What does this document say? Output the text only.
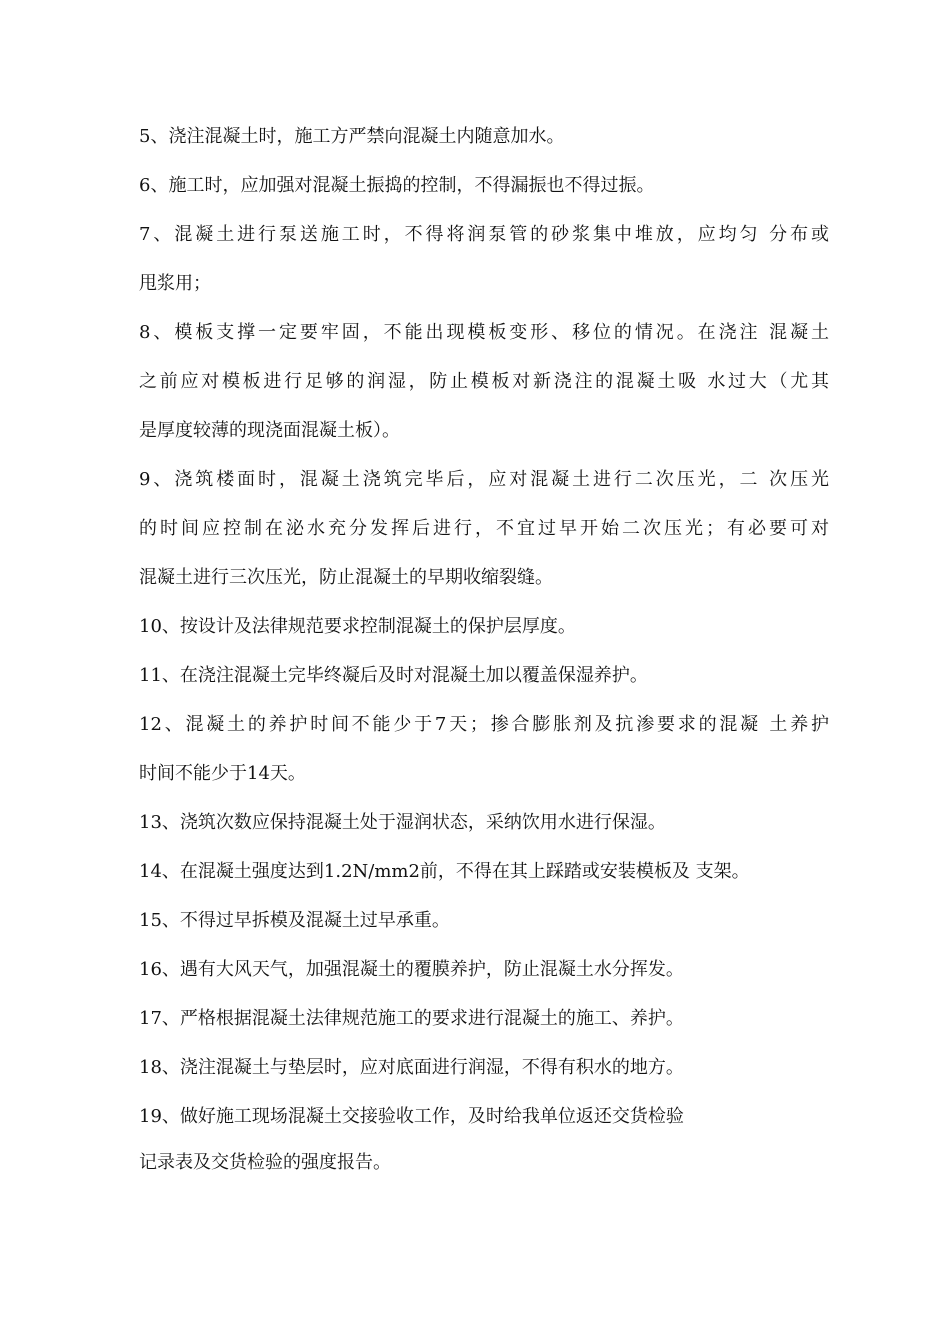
5、浇注混凝土时，施工方严禁向混凝土内随意加水。
6、施工时，应加强对混凝土振捣的控制，不得漏振也不得过振。
7、混凝土进行泵送施工时，不得将润泵管的砂浆集中堆放，应均匀 分布或
甩浆用；
8、模板支撑一定要牢固，不能出现模板变形、移位的情况。在浇注 混凝土
之前应对模板进行足够的润湿，防止模板对新浇注的混凝土吸 水过大（尤其
是厚度较薄的现浇面混凝土板）。
9、浇筑楼面时，混凝土浇筑完毕后，应对混凝土进行二次压光，二 次压光
的时间应控制在泌水充分发挥后进行，不宜过早开始二次压光；有必要可对
混凝土进行三次压光，防止混凝土的早期收缩裂缝。
10、按设计及法律规范要求控制混凝土的保护层厚度。
11、在浇注混凝土完毕终凝后及时对混凝土加以覆盖保湿养护。
12、混凝土的养护时间不能少于7天；掺合膨胀剂及抗渗要求的混凝 土养护
时间不能少于14天。
13、浇筑次数应保持混凝土处于湿润状态，采纳饮用水进行保湿。
14、在混凝土强度达到1.2N/mm2前，不得在其上踩踏或安装模板及 支架。
15、不得过早拆模及混凝土过早承重。
16、遇有大风天气，加强混凝土的覆膜养护，防止混凝土水分挥发。
17、严格根据混凝土法律规范施工的要求进行混凝土的施工、养护。
18、浇注混凝土与垫层时，应对底面进行润湿，不得有积水的地方。
19、做好施工现场混凝土交接验收工作，及时给我单位返还交货检验
记录表及交货检验的强度报告。
